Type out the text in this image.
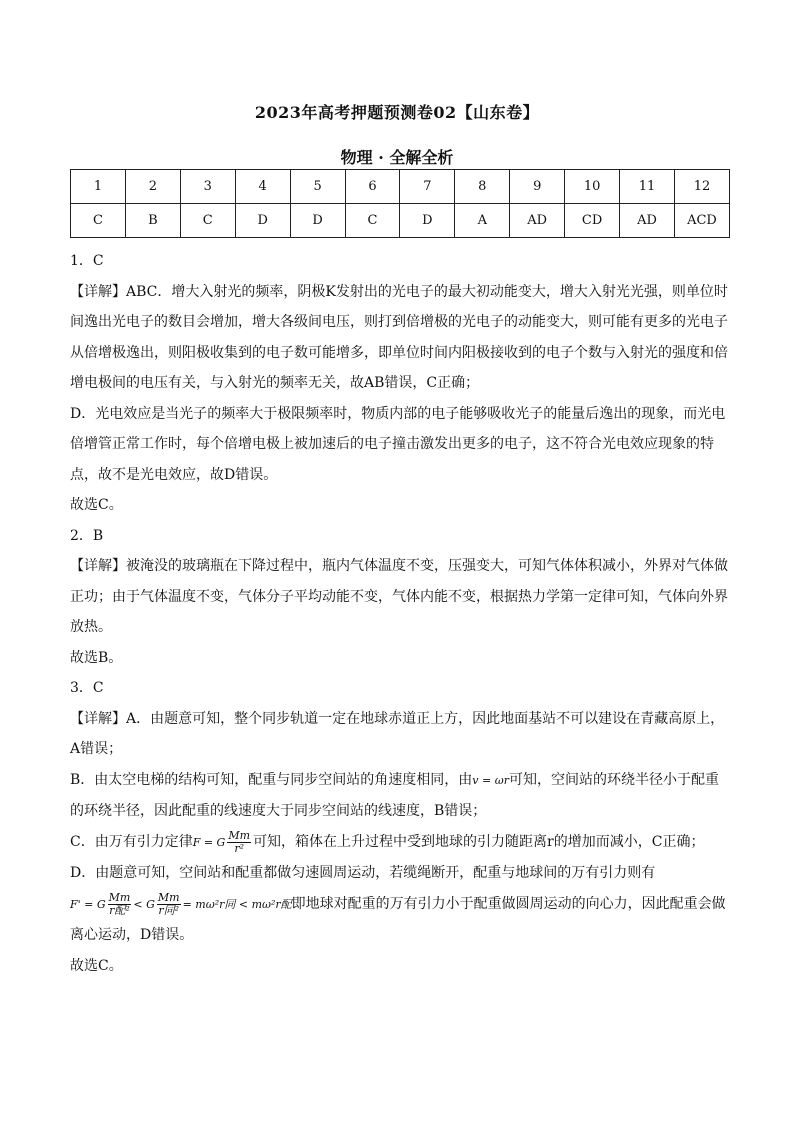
2023年高考押题预测卷02【山东卷】
物理 · 全解全析
1	2	3	4	5	6	7	8	9	10	11	12
C	B	C	D	D	C	D	A	AD	CD	AD	ACD

1．C

【详解】ABC．增大入射光的频率，阴极K发射出的光电子的最大初动能变大，增大入射光光强，则单位时间逸出光电子的数目会增加，增大各级间电压，则打到倍增极的光电子的动能变大，则可能有更多的光电子从倍增极逸出，则阳极收集到的电子数可能增多，即单位时间内阳极接收到的电子个数与入射光的强度和倍增电极间的电压有关，与入射光的频率无关，故AB错误，C正确；

D．光电效应是当光子的频率大于极限频率时，物质内部的电子能够吸收光子的能量后逸出的现象，而光电倍增管正常工作时，每个倍增电极上被加速后的电子撞击激发出更多的电子，这不符合光电效应现象的特点，故不是光电效应，故D错误。

故选C。

2．B

【详解】被淹没的玻璃瓶在下降过程中，瓶内气体温度不变，压强变大，可知气体体积减小，外界对气体做正功；由于气体温度不变，气体分子平均动能不变，气体内能不变，根据热力学第一定律可知，气体向外界放热。

故选B。

3．C

【详解】A．由题意可知，整个同步轨道一定在地球赤道正上方，因此地面基站不可以建设在青藏高原上，A错误；

B．由太空电梯的结构可知，配重与同步空间站的角速度相同，由v = ωr可知，空间站的环绕半径小于配重的环绕半径，因此配重的线速度大于同步空间站的线速度，B错误；

C．由万有引力定律F = G $\frac{Mm}{\text{r²}}$ 可知，箱体在上升过程中受到地球的引力随距离r的增加而减小，C正确；

D．由题意可知，空间站和配重都做匀速圆周运动，若缆绳断开，配重与地球间的万有引力则有

F' = G $\frac{Mm}{\text{r配²}} < G \frac{Mm}{\text{r同²}} = m\omega^2r$同 < mω²r配即地球对配重的万有引力小于配重做圆周运动的向心力，因此配重会做离心运动，D错误。

故选C。
